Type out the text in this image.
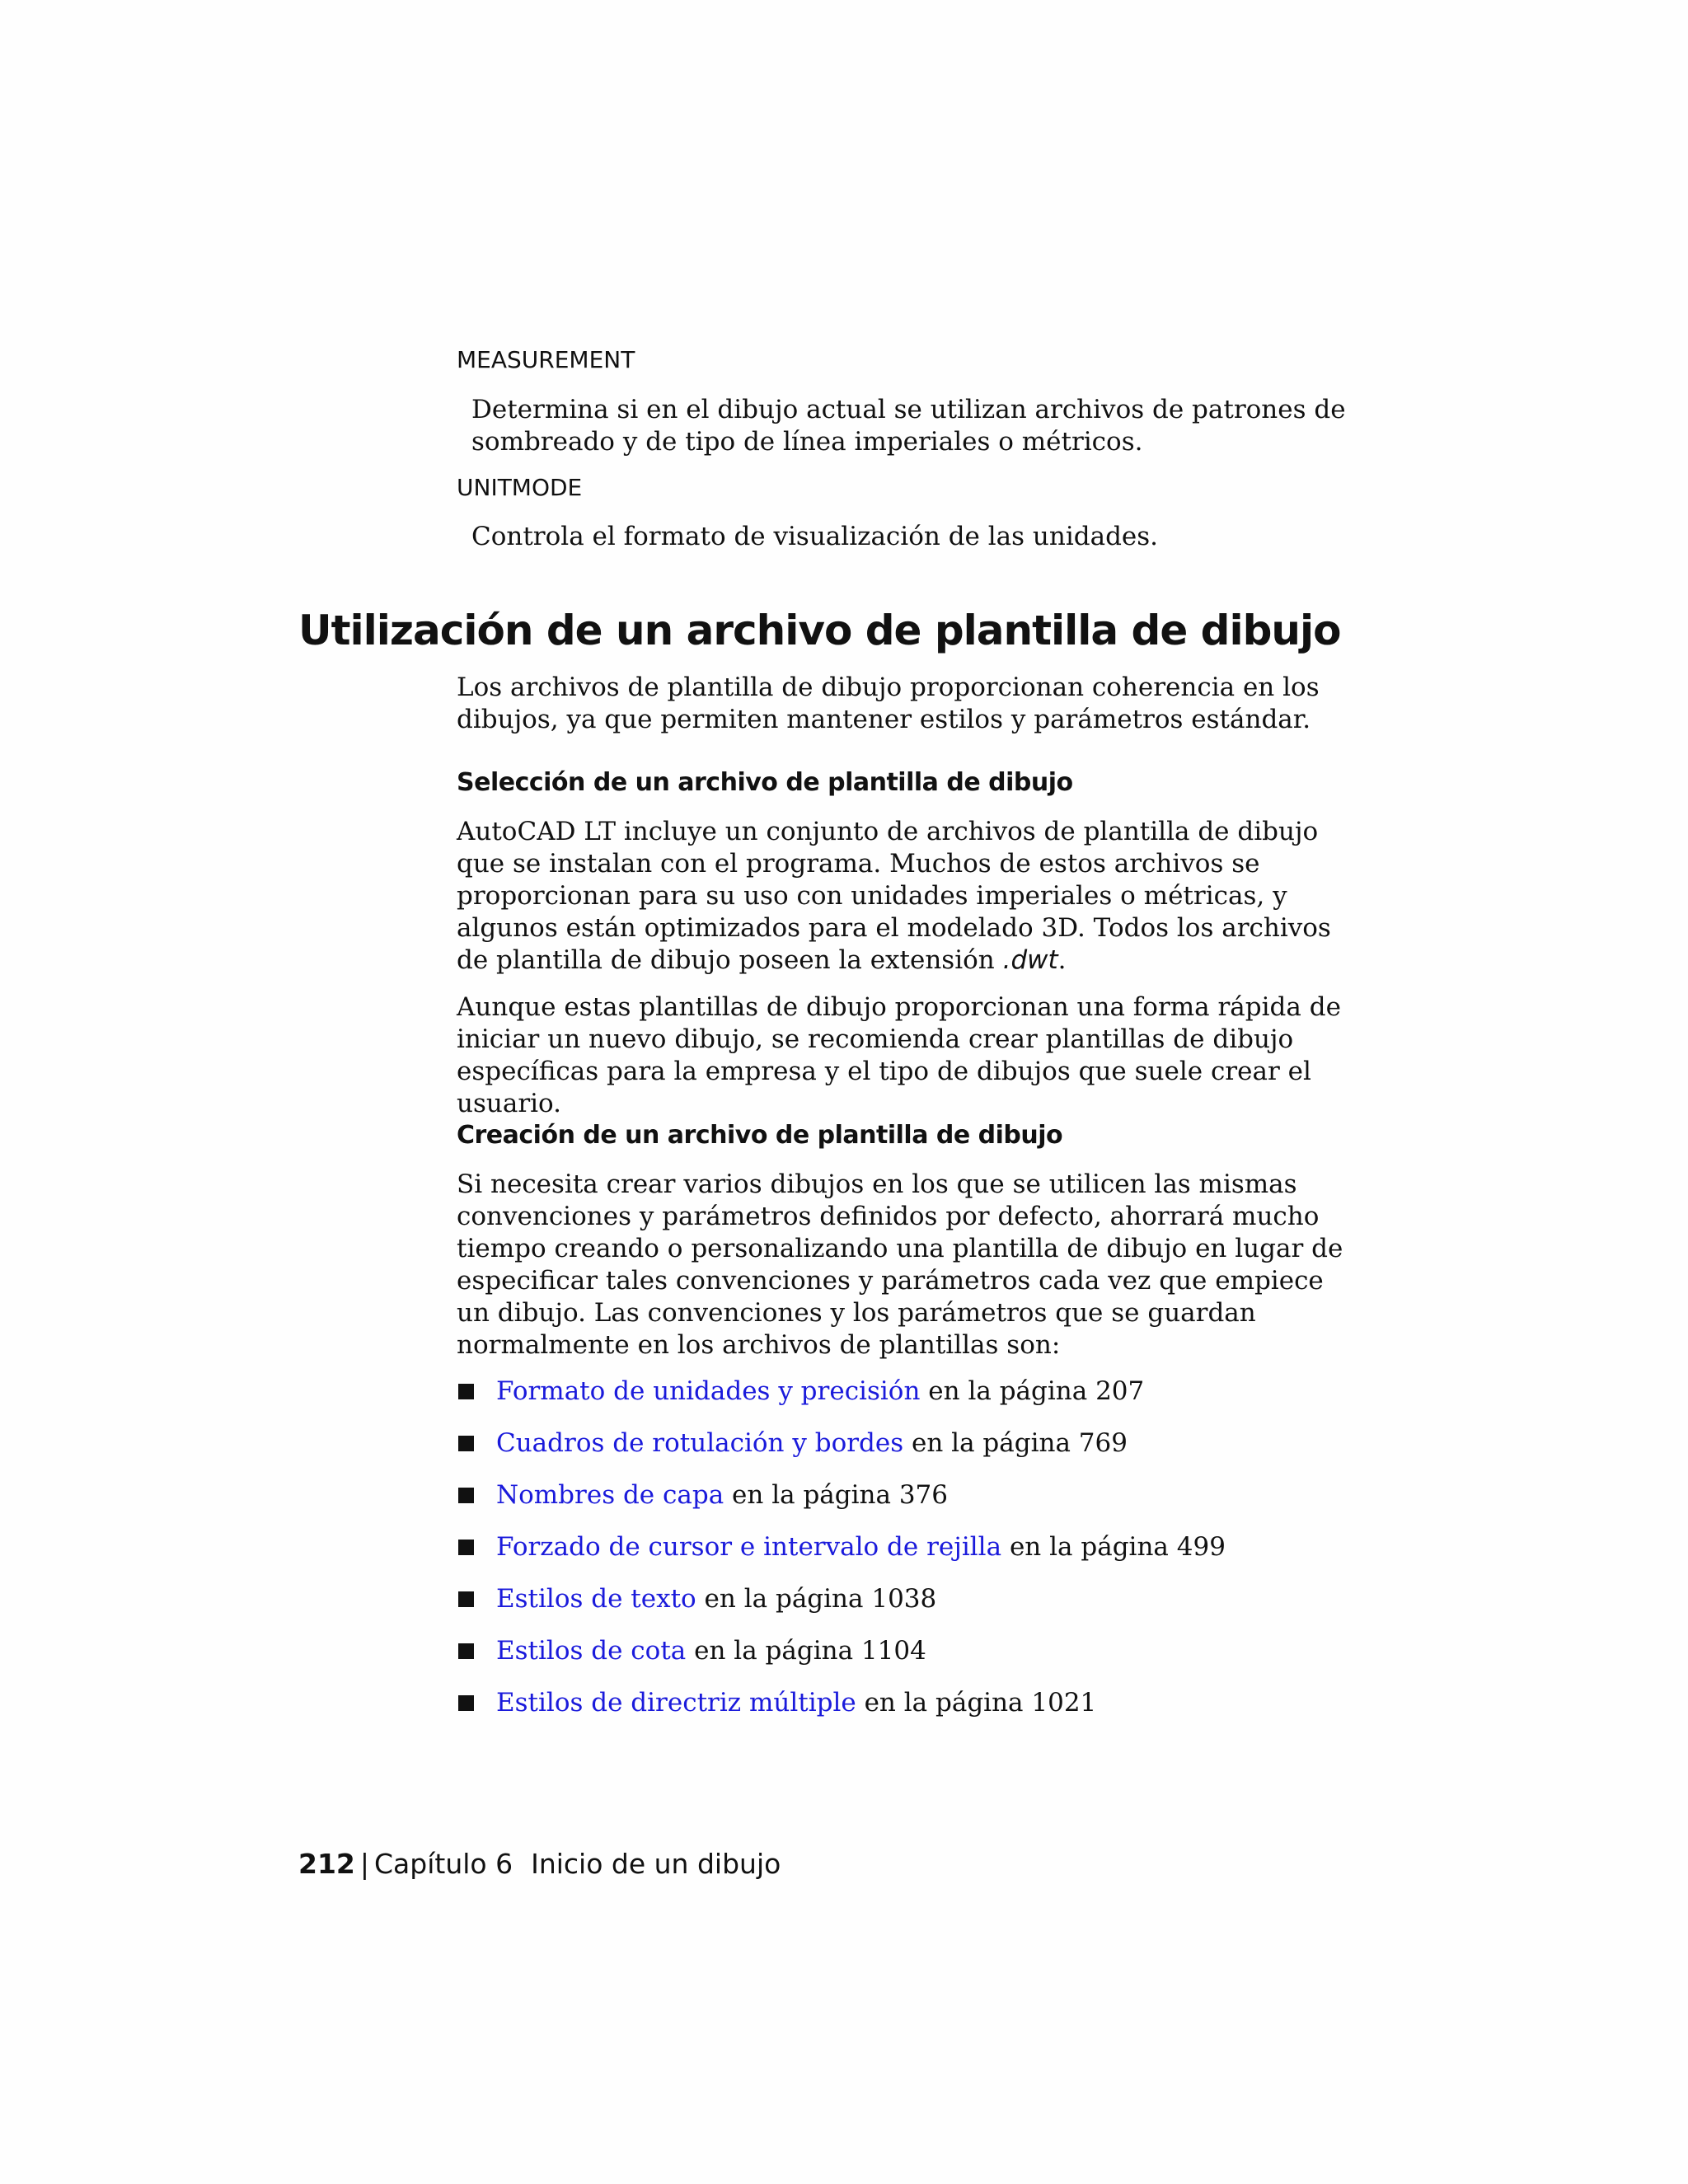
MEASUREMENT
Determina si en el dibujo actual se utilizan archivos de patrones de sombreado y de tipo de línea imperiales o métricos.
UNITMODE
Controla el formato de visualización de las unidades.
Utilización de un archivo de plantilla de dibujo
Los archivos de plantilla de dibujo proporcionan coherencia en los dibujos, ya que permiten mantener estilos y parámetros estándar.
Selección de un archivo de plantilla de dibujo
AutoCAD LT incluye un conjunto de archivos de plantilla de dibujo que se instalan con el programa. Muchos de estos archivos se proporcionan para su uso con unidades imperiales o métricas, y algunos están optimizados para el modelado 3D. Todos los archivos de plantilla de dibujo poseen la extensión .dwt.
Aunque estas plantillas de dibujo proporcionan una forma rápida de iniciar un nuevo dibujo, se recomienda crear plantillas de dibujo específicas para la empresa y el tipo de dibujos que suele crear el usuario.
Creación de un archivo de plantilla de dibujo
Si necesita crear varios dibujos en los que se utilicen las mismas convenciones y parámetros definidos por defecto, ahorrará mucho tiempo creando o personalizando una plantilla de dibujo en lugar de especificar tales convenciones y parámetros cada vez que empiece un dibujo. Las convenciones y los parámetros que se guardan normalmente en los archivos de plantillas son:
Formato de unidades y precisión en la página 207
Cuadros de rotulación y bordes en la página 769
Nombres de capa en la página 376
Forzado de cursor e intervalo de rejilla en la página 499
Estilos de texto en la página 1038
Estilos de cota en la página 1104
Estilos de directriz múltiple en la página 1021
212 | Capítulo 6 Inicio de un dibujo
